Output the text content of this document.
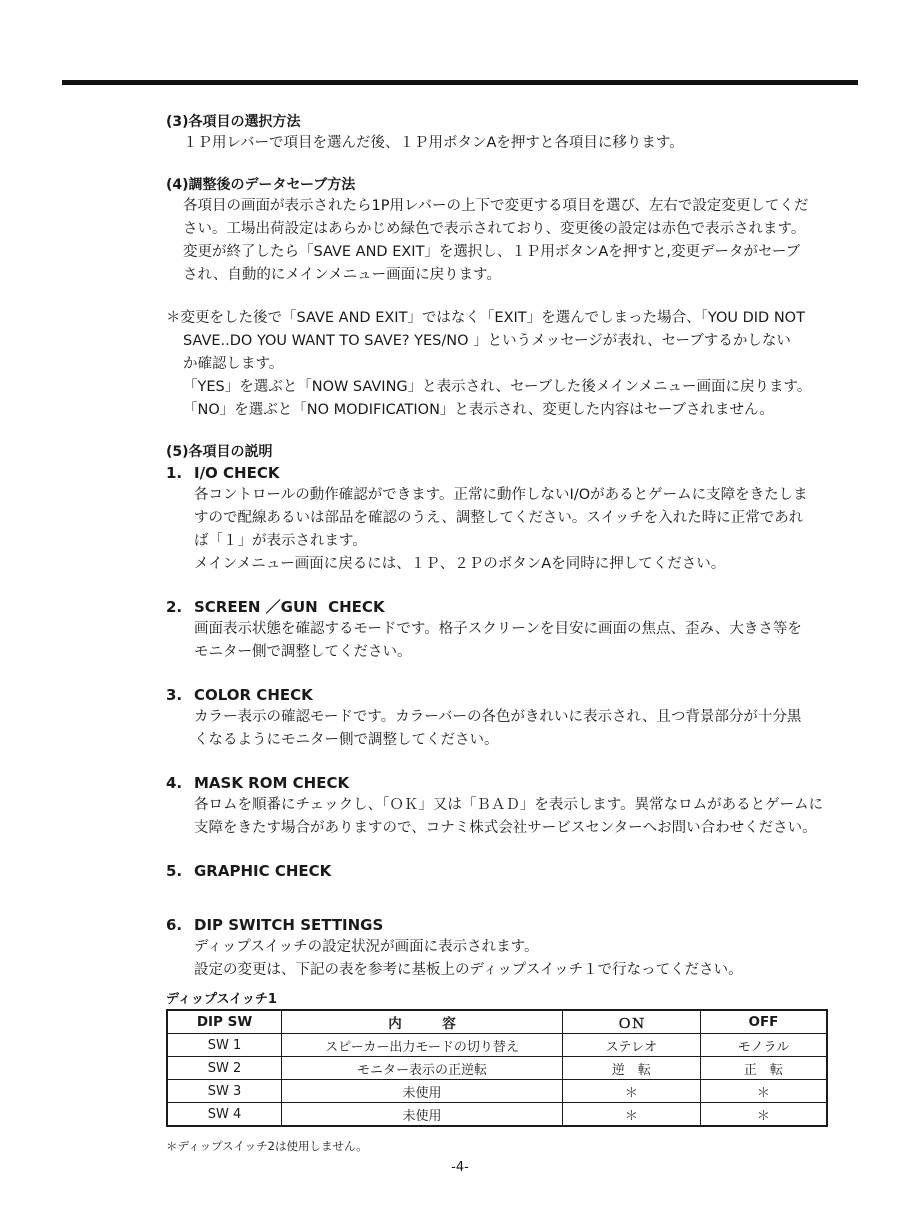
(3)各項目の選択方法
１Ｐ用レバーで項目を選んだ後、１Ｐ用ボタンAを押すと各項目に移ります。
(4)調整後のデータセーブ方法
各項目の画面が表示されたら1P用レバーの上下で変更する項目を選び、左右で設定変更してくだ
さい。工場出荷設定はあらかじめ緑色で表示されており、変更後の設定は赤色で表示されます。
変更が終了したら「SAVE AND EXIT」を選択し、１Ｐ用ボタンAを押すと,変更データがセーブ
され、自動的にメインメニュー画面に戻ります。
＊変更をした後で「SAVE AND EXIT」ではなく「EXIT」を選んでしまった場合、「YOU DID NOT
SAVE..DO YOU WANT TO SAVE? YES/NO 」というメッセージが表れ、セーブするかしない
か確認します。
「YES」を選ぶと「NOW SAVING」と表示され、セーブした後メインメニュー画面に戻ります。
「NO」を選ぶと「NO MODIFICATION」と表示され、変更した内容はセーブされません。
(5)各項目の説明
1. I/O CHECK
各コントロールの動作確認ができます。正常に動作しないI/Oがあるとゲームに支障をきたしま
すので配線あるいは部品を確認のうえ、調整してください。スイッチを入れた時に正常であれ
ば「１」が表示されます。
メインメニュー画面に戻るには、１Ｐ、２ＰのボタンAを同時に押してください。
2. SCREEN ／GUN  CHECK
画面表示状態を確認するモードです。格子スクリーンを目安に画面の焦点、歪み、大きさ等を
モニター側で調整してください。
3. COLOR CHECK
カラー表示の確認モードです。カラーバーの各色がきれいに表示され、且つ背景部分が十分黒
くなるようにモニター側で調整してください。
4. MASK ROM CHECK
各ロムを順番にチェックし、「ＯＫ」又は「ＢＡＤ」を表示します。異常なロムがあるとゲームに
支障をきたす場合がありますので、コナミ株式会社サービスセンターへお問い合わせください。
5. GRAPHIC CHECK
6. DIP SWITCH SETTINGS
ディップスイッチの設定状況が画面に表示されます。
設定の変更は、下記の表を参考に基板上のディップスイッチ１で行なってください。
ディップスイッチ1
DIP SW	内　　　容	ＯＮ	OFF
SW 1	スピーカー出力モードの切り替え	ステレオ	モノラル
SW 2	モニター表示の正逆転	逆　転	正　転
SW 3	未使用	＊	＊
SW 4	未使用	＊	＊
＊ディップスイッチ2は使用しません。
-4-
